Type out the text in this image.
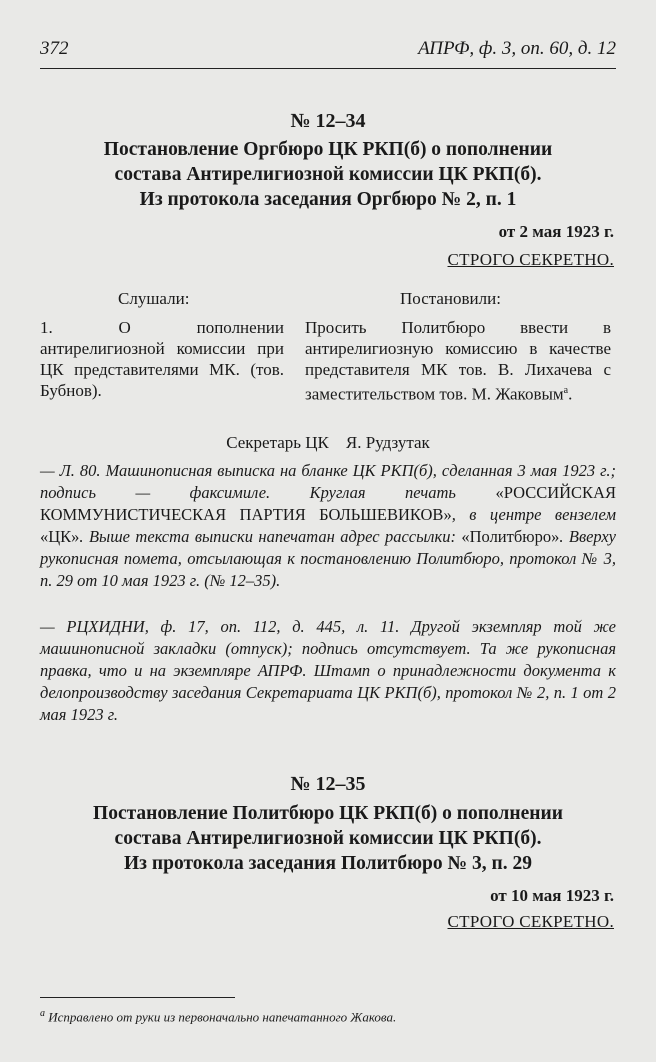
372	АПРФ, ф. 3, оп. 60, д. 12
№ 12–34
Постановление Оргбюро ЦК РКП(б) о пополнении
состава Антирелигиозной комиссии ЦК РКП(б).
Из протокола заседания Оргбюро № 2, п. 1
от 2 мая 1923 г.
СТРОГО СЕКРЕТНО.
Слушали:	Постановили:
1. О пополнении антирелигиозной комиссии при ЦК представителями МК. (тов. Бубнов).
Просить Политбюро ввести в антирелигиозную комиссию в качестве представителя МК тов. В. Лихачева с заместительством тов. М. Жаковым$^а$.
Секретарь ЦК    Я. Рудзутак
— Л. 80. Машинописная выписка на бланке ЦК РКП(б), сделанная 3 мая 1923 г.; подпись — факсимиле. Круглая печать «РОССИЙСКАЯ КОММУНИСТИЧЕСКАЯ ПАРТИЯ БОЛЬШЕВИКОВ», в центре вензелем «ЦК». Выше текста выписки напечатан адрес рассылки: «Политбюро». Вверху рукописная помета, отсылающая к постановлению Политбюро, протокол № 3, п. 29 от 10 мая 1923 г. (№ 12–35).
— РЦХИДНИ, ф. 17, оп. 112, д. 445, л. 11. Другой экземпляр той же машинописной закладки (отпуск); подпись отсутствует. Та же рукописная правка, что и на экземпляре АПРФ. Штамп о принадлежности документа к делопроизводству заседания Секретариата ЦК РКП(б), протокол № 2, п. 1 от 2 мая 1923 г.
№ 12–35
Постановление Политбюро ЦК РКП(б) о пополнении
состава Антирелигиозной комиссии ЦК РКП(б).
Из протокола заседания Политбюро № 3, п. 29
от 10 мая 1923 г.
СТРОГО СЕКРЕТНО.
$^а$ Исправлено от руки из первоначально напечатанного Жакова.
